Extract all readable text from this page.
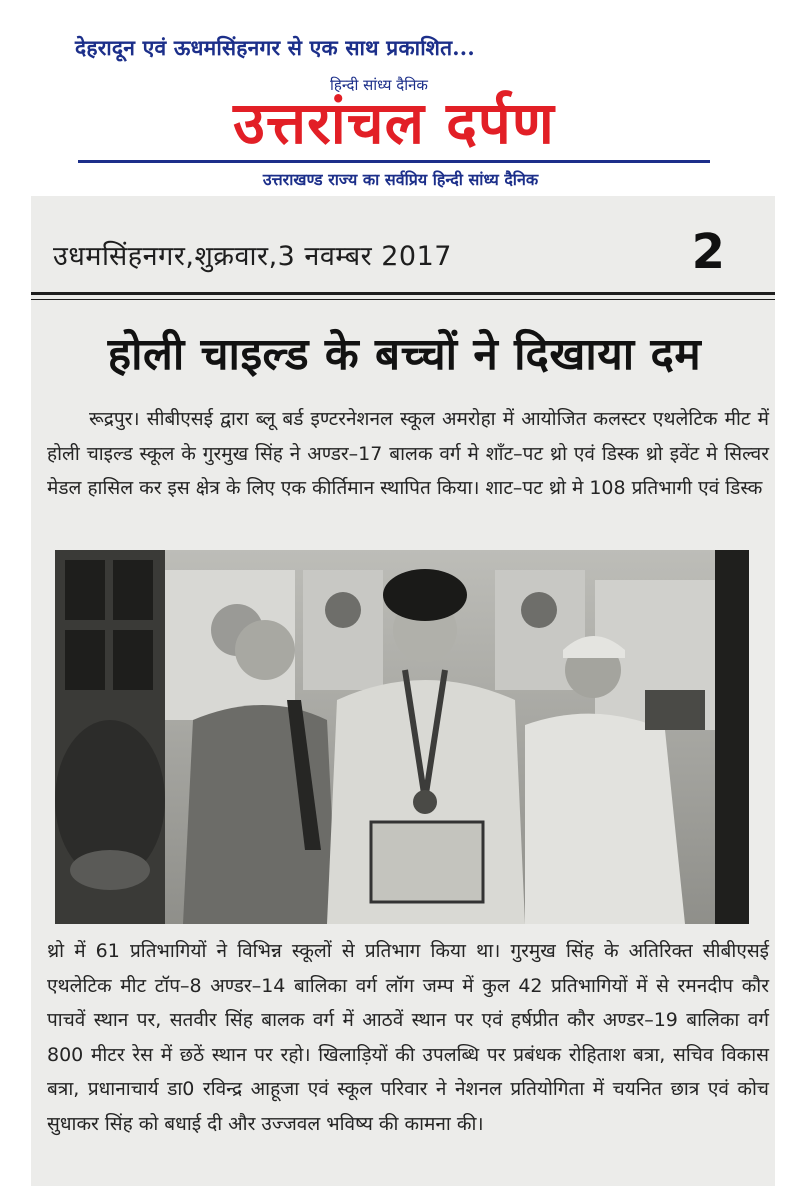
देहरादून एवं ऊधमसिंहनगर से एक साथ प्रकाशित...
हिन्दी सांध्य दैनिक
उत्तरांचल दर्पण
उत्तराखण्ड राज्य का सर्वप्रिय हिन्दी सांध्य दैनिक
उधमसिंहनगर,शुक्रवार,3 नवम्बर 2017	2
होली चाइल्ड के बच्चों ने दिखाया दम
रूद्रपुर। सीबीएसई द्वारा ब्लू बर्ड इण्टरनेशनल स्कूल अमरोहा में आयोजित कलस्टर एथलेटिक मीट में होली चाइल्ड स्कूल के गुरमुख सिंह ने अण्डर–17 बालक वर्ग मे शाँट–पट थ्रो एवं डिस्क थ्रो इवेंट मे सिल्वर मेडल हासिल कर इस क्षेत्र के लिए एक कीर्तिमान स्थापित किया। शाट–पट थ्रो मे 108 प्रतिभागी एवं डिस्क
थ्रो में 61 प्रतिभागियों ने विभिन्न स्कूलों से प्रतिभाग किया था। गुरमुख सिंह के अतिरिक्त सीबीएसई एथलेटिक मीट टॉप–8 अण्डर–14 बालिका वर्ग लॉग जम्प में कुल 42 प्रतिभागियों में से रमनदीप कौर पाचवें स्थान पर, सतवीर सिंह बालक वर्ग में आठवें स्थान पर एवं हर्षप्रीत कौर अण्डर–19 बालिका वर्ग 800 मीटर रेस में छठें स्थान पर रहो। खिलाड़ियों की उपलब्धि पर प्रबंधक रोहिताश बत्रा, सचिव विकास बत्रा, प्रधानाचार्य डा0 रविन्द्र आहूजा एवं स्कूल परिवार ने नेशनल प्रतियोगिता में चयनित छात्र एवं कोच सुधाकर सिंह को बधाई दी और उज्जवल भविष्य की कामना की।
